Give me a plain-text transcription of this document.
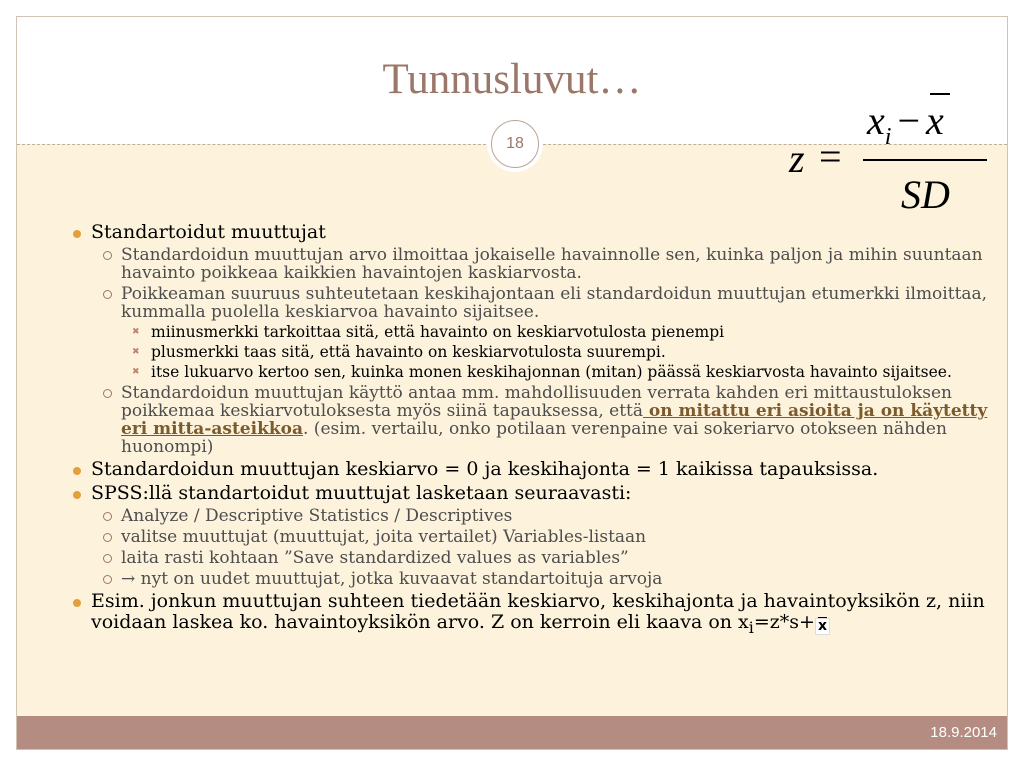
Tunnusluvut…
18	z =
$x_i - x$
SD

Standartoidut muuttujat

Standardoidun muuttujan arvo ilmoittaa jokaiselle havainnolle sen, kuinka paljon ja mihin suuntaan havainto poikkeaa kaikkien havaintojen kaskiarvosta.

Poikkeaman suuruus suhteutetaan keskihajontaan eli standardoidun muuttujan etumerkki ilmoittaa, kummalla puolella keskiarvoa havainto sijaitsee.

✖ miinusmerkki tarkoittaa sitä, että havainto on keskiarvotulosta pienempi

✖ plusmerkki taas sitä, että havainto on keskiarvotulosta suurempi.

✖ itse lukuarvo kertoo sen, kuinka monen keskihajonnan (mitan) päässä keskiarvosta havainto sijaitsee.

Standardoidun muuttujan käyttö antaa mm. mahdollisuuden verrata kahden eri mittaustuloksen poikkemaa keskiarvotuloksesta myös siinä tapauksessa, että on mitattu eri asioita ja on käytetty eri mitta-asteikkoa. (esim. vertailu, onko potilaan verenpaine vai sokeriarvo otokseen nähden huonompi)

Standardoidun muuttujan keskiarvo = 0 ja keskihajonta = 1 kaikissa tapauksissa.

SPSS:llä standartoidut muuttujat lasketaan seuraavasti:

Analyze / Descriptive Statistics / Descriptives

valitse muuttujat (muuttujat, joita vertailet) Variables-listaan

laita rasti kohtaan ”Save standardized values as variables”

→ nyt on uudet muuttujat, jotka kuvaavat standartoituja arvoja

Esim. jonkun muuttujan suhteen tiedetään keskiarvo, keskihajonta ja havaintoyksikön z, niin voidaan laskea ko. havaintoyksikön arvo. Z on kerroin eli kaava on $x_i=z*s+ \overline{x}$

18.9.2014
